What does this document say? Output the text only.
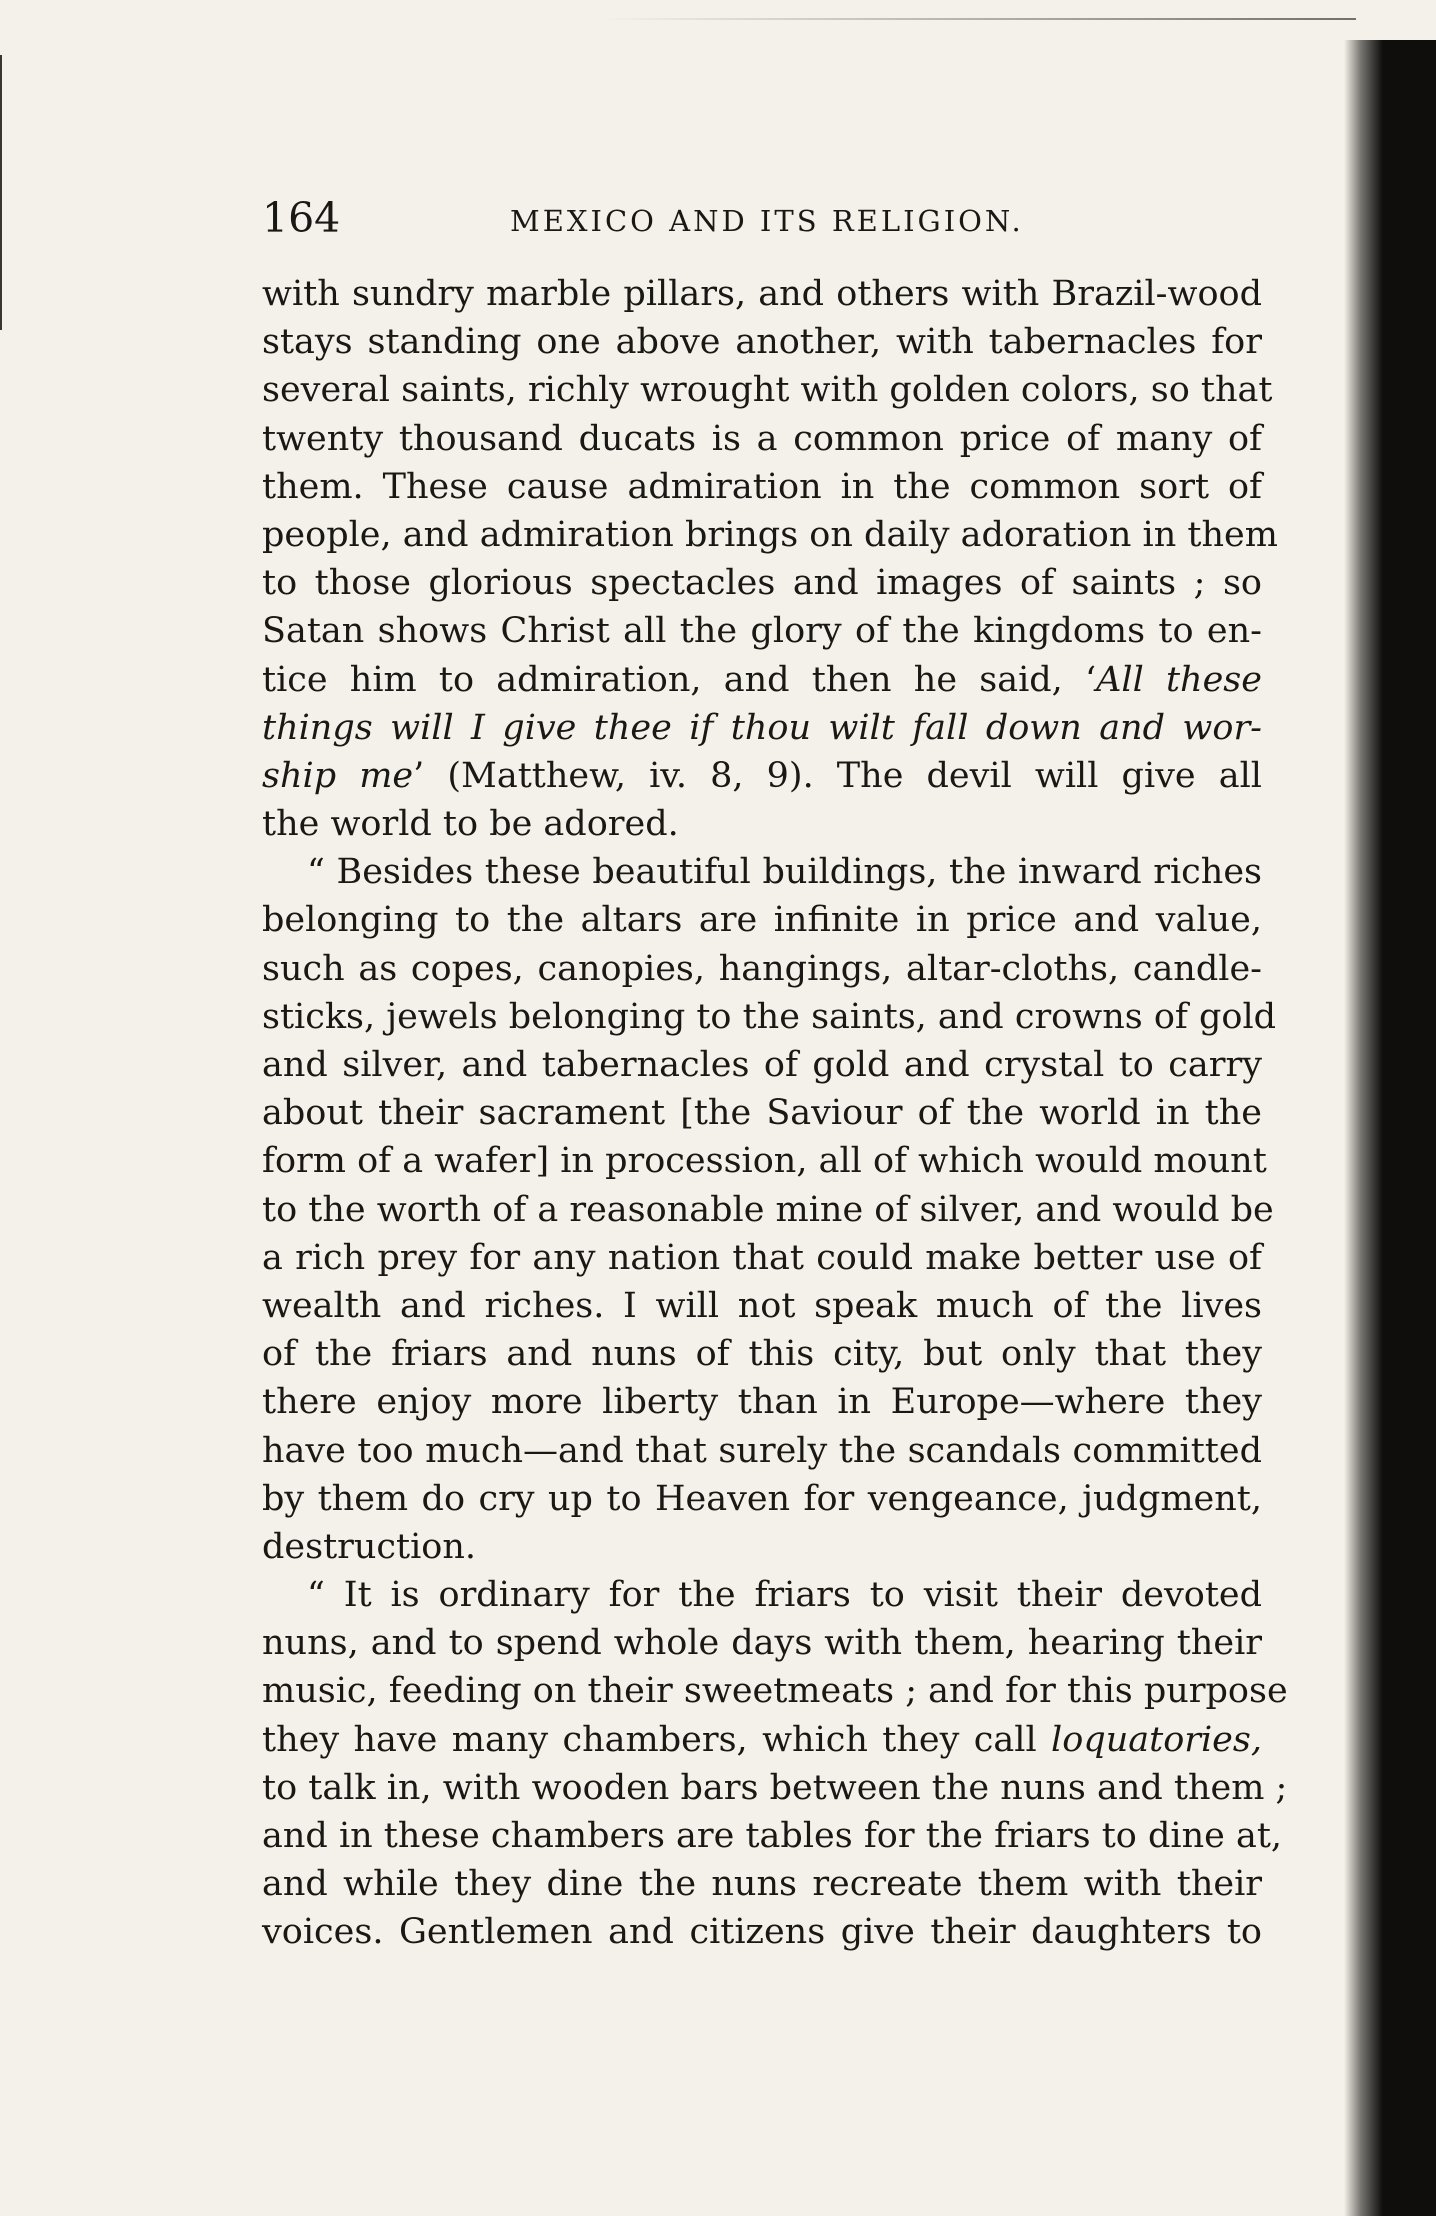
164	MEXICO AND ITS RELIGION.
with sundry marble pillars, and others with Brazil-wood
stays standing one above another, with tabernacles for
several saints, richly wrought with golden colors, so that
twenty thousand ducats is a common price of many of
them. These cause admiration in the common sort of
people, and admiration brings on daily adoration in them
to those glorious spectacles and images of saints ; so
Satan shows Christ all the glory of the kingdoms to en-
tice him to admiration, and then he said, ‘All these
things will I give thee if thou wilt fall down and wor-
ship me’ (Matthew, iv. 8, 9). The devil will give all
the world to be adored.
“ Besides these beautiful buildings, the inward riches
belonging to the altars are infinite in price and value,
such as copes, canopies, hangings, altar-cloths, candle-
sticks, jewels belonging to the saints, and crowns of gold
and silver, and tabernacles of gold and crystal to carry
about their sacrament [the Saviour of the world in the
form of a wafer] in procession, all of which would mount
to the worth of a reasonable mine of silver, and would be
a rich prey for any nation that could make better use of
wealth and riches. I will not speak much of the lives
of the friars and nuns of this city, but only that they
there enjoy more liberty than in Europe—where they
have too much—and that surely the scandals committed
by them do cry up to Heaven for vengeance, judgment,
destruction.
“ It is ordinary for the friars to visit their devoted
nuns, and to spend whole days with them, hearing their
music, feeding on their sweetmeats ; and for this purpose
they have many chambers, which they call loquatories,
to talk in, with wooden bars between the nuns and them ;
and in these chambers are tables for the friars to dine at,
and while they dine the nuns recreate them with their
voices. Gentlemen and citizens give their daughters to
